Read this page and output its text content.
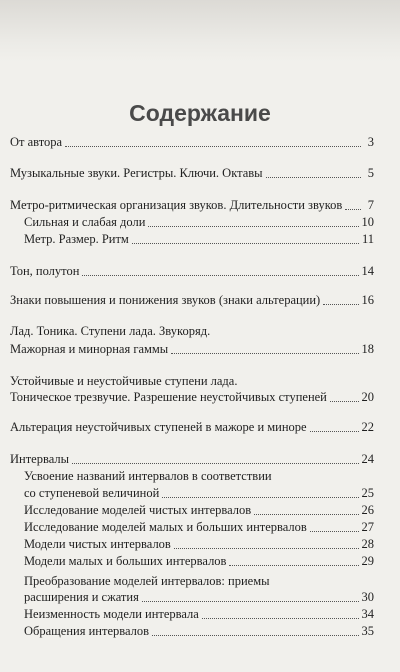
Содержание
От автора	3
Музыкальные звуки. Регистры. Ключи. Октавы	5
Метро-ритмическая организация звуков. Длительности звуков	7
Сильная и слабая доли	10
Метр. Размер. Ритм	11
Тон, полутон	14
Знаки повышения и понижения звуков (знаки альтерации)	16
Лад. Тоника. Ступени лада. Звукоряд.
Мажорная и минорная гаммы	18
Устойчивые и неустойчивые ступени лада.
Тоническое трезвучие. Разрешение неустойчивых ступеней	20
Альтерация неустойчивых ступеней в мажоре и миноре	22
Интервалы	24
Усвоение названий интервалов в соответствии
со ступеневой величиной	25
Исследование моделей чистых интервалов	26
Исследование моделей малых и больших интервалов	27
Модели чистых интервалов	28
Модели малых и больших интервалов	29
Преобразование моделей интервалов: приемы
расширения и сжатия	30
Неизменность модели интервала	34
Обращения интервалов	35
